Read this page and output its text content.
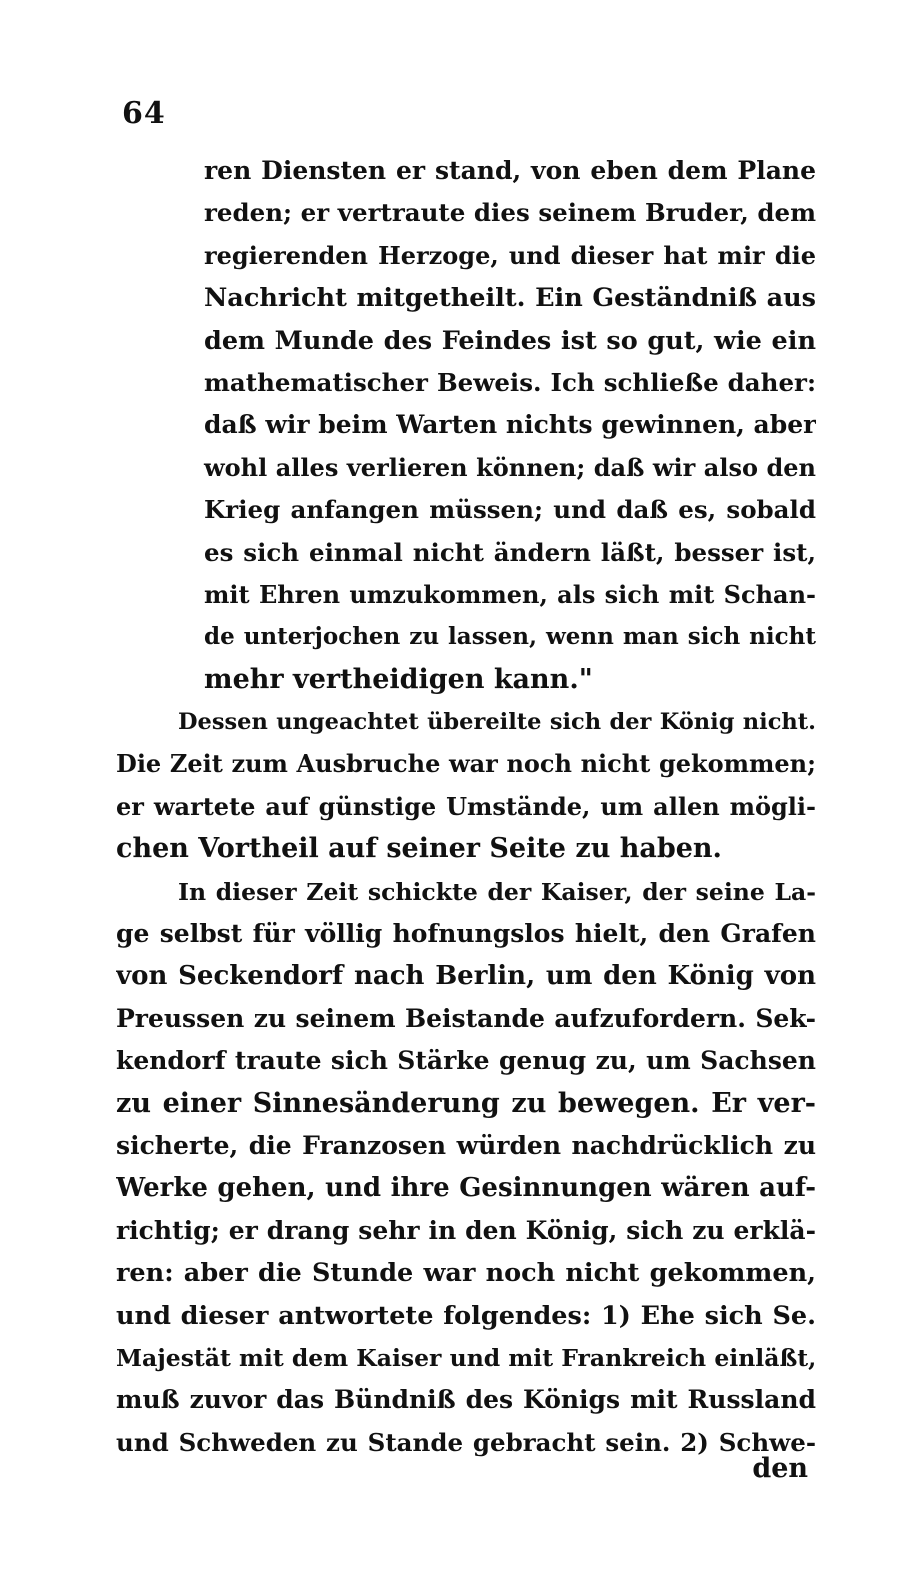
64
ren Diensten er stand, von eben dem Plane
reden; er vertraute dies seinem Bruder, dem
regierenden Herzoge, und dieser hat mir die
Nachricht mitgetheilt. Ein Geständniß aus
dem Munde des Feindes ist so gut, wie ein
mathematischer Beweis. Ich schließe daher:
daß wir beim Warten nichts gewinnen, aber
wohl alles verlieren können; daß wir also den
Krieg anfangen müssen; und daß es, sobald
es sich einmal nicht ändern läßt, besser ist,
mit Ehren umzukommen, als sich mit Schan-
de unterjochen zu lassen, wenn man sich nicht
mehr vertheidigen kann."
Dessen ungeachtet übereilte sich der König nicht.
Die Zeit zum Ausbruche war noch nicht gekommen;
er wartete auf günstige Umstände, um allen mögli-
chen Vortheil auf seiner Seite zu haben.
In dieser Zeit schickte der Kaiser, der seine La-
ge selbst für völlig hofnungslos hielt, den Grafen
von Seckendorf nach Berlin, um den König von
Preussen zu seinem Beistande aufzufordern. Sek-
kendorf traute sich Stärke genug zu, um Sachsen
zu einer Sinnesänderung zu bewegen. Er ver-
sicherte, die Franzosen würden nachdrücklich zu
Werke gehen, und ihre Gesinnungen wären auf-
richtig; er drang sehr in den König, sich zu erklä-
ren: aber die Stunde war noch nicht gekommen,
und dieser antwortete folgendes: 1) Ehe sich Se.
Majestät mit dem Kaiser und mit Frankreich einläßt,
muß zuvor das Bündniß des Königs mit Russland
und Schweden zu Stande gebracht sein. 2) Schwe-
den
